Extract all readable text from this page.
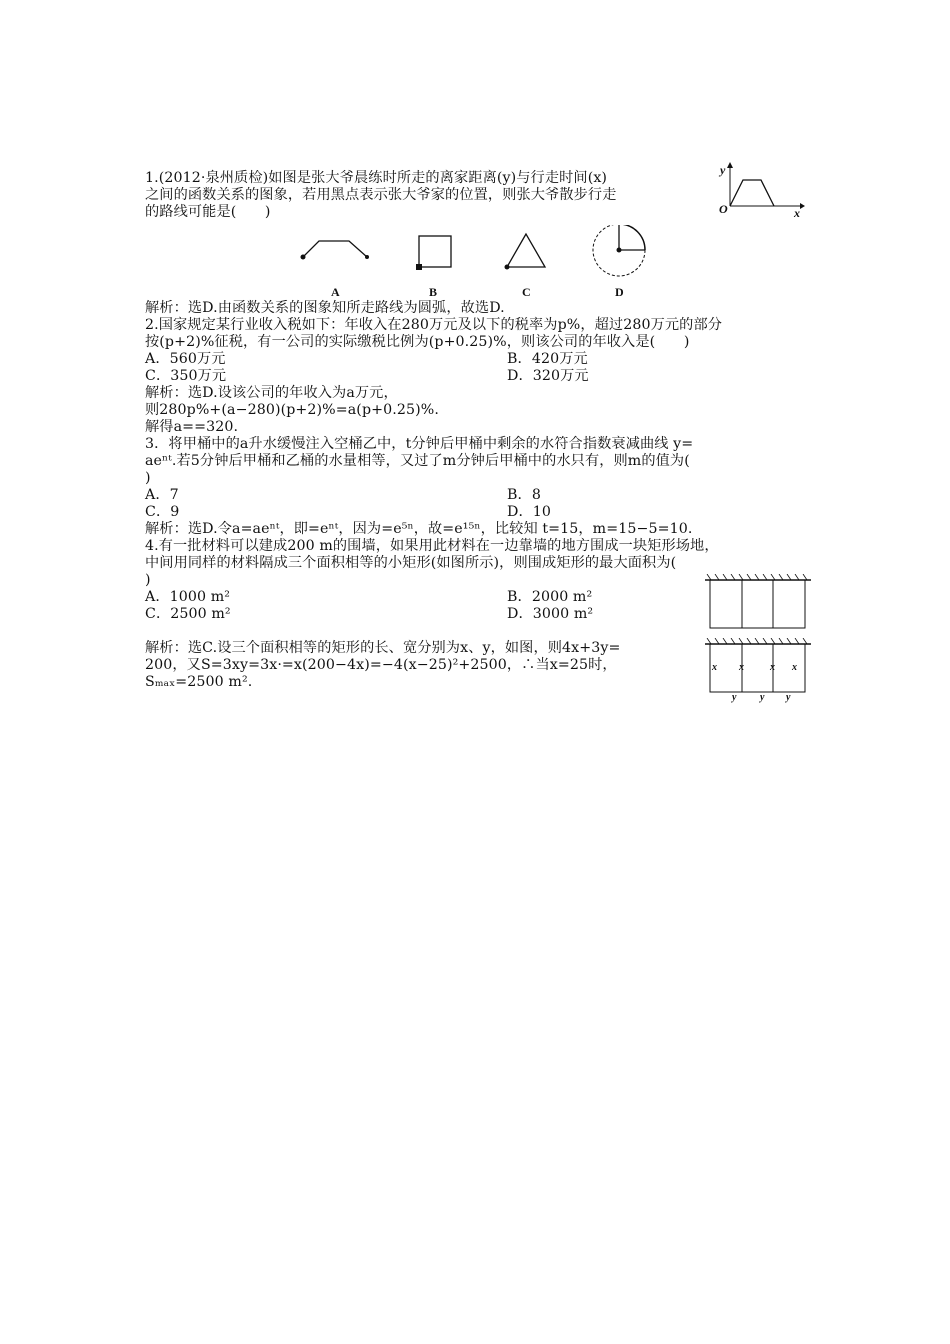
1.(2012·泉州质检)如图是张大爷晨练时所走的离家距离(y)与行走时间(x)
之间的函数关系的图象，若用黑点表示张大爷家的位置，则张大爷散步行走
的路线可能是(　　)
y
x
O
A	B	C	D
解析：选D.由函数关系的图象知所走路线为圆弧，故选D.
2.国家规定某行业收入税如下：年收入在280万元及以下的税率为p%，超过280万元的部分
按(p+2)%征税，有一公司的实际缴税比例为(p+0.25)%，则该公司的年收入是(　　)
A．560万元	B．420万元
C．350万元	D．320万元
解析：选D.设该公司的年收入为a万元，
则280p%+(a−280)(p+2)%=a(p+0.25)%.
解得a==320.
3．将甲桶中的a升水缓慢注入空桶乙中，t分钟后甲桶中剩余的水符合指数衰减曲线 y=
aeⁿᵗ.若5分钟后甲桶和乙桶的水量相等，又过了m分钟后甲桶中的水只有，则m的值为(
)
A．7	B．8
C．9	D．10
解析：选D.令a=aeⁿᵗ，即=eⁿᵗ，因为=e⁵ⁿ，故=e¹⁵ⁿ，比较知 t=15，m=15−5=10.
4.有一批材料可以建成200 m的围墙，如果用此材料在一边靠墙的地方围成一块矩形场地，
中间用同样的材料隔成三个面积相等的小矩形(如图所示)，则围成矩形的最大面积为(
)
A．1000 m²	B．2000 m²
C．2500 m²	D．3000 m²
解析：选C.设三个面积相等的矩形的长、宽分别为x、y，如图，则4x+3y=
200，又S=3xy=3x·=x(200−4x)=−4(x−25)²+2500，∴当x=25时，
Sₘₐₓ=2500 m².
x x	x x
y y y
